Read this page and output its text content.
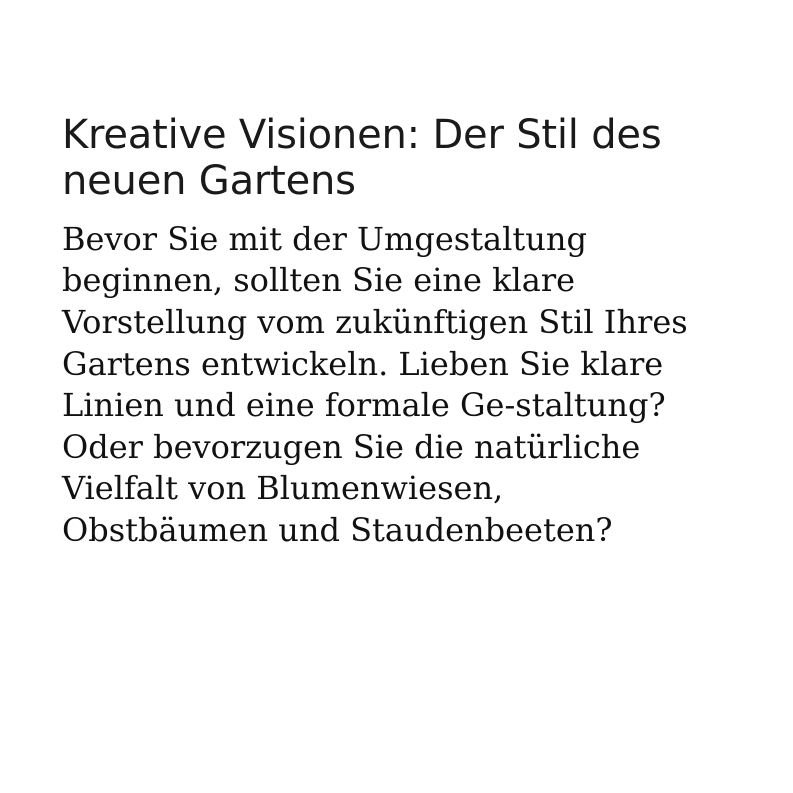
Kreative Visionen: Der Stil des neuen Gartens

Bevor Sie mit der Umgestaltung beginnen, sollten Sie eine klare Vorstellung vom zukünftigen Stil Ihres Gartens entwickeln. Lieben Sie klare Linien und eine formale Ge-staltung? Oder bevorzugen Sie die natürliche Vielfalt von Blumenwiesen, Obstbäumen und Staudenbeeten?
